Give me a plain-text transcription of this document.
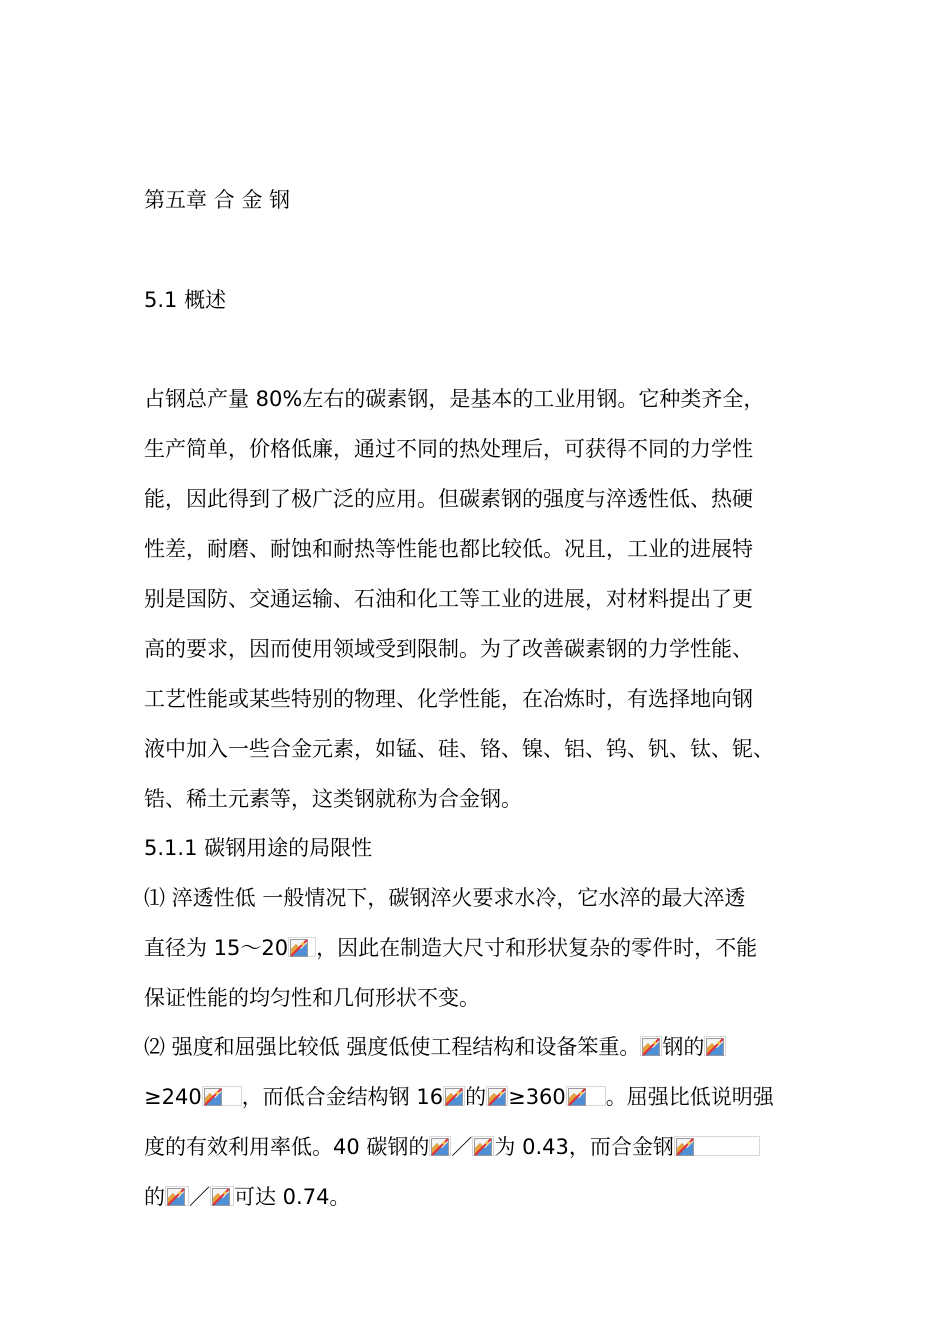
第五章 合 金 钢
5.1 概述
占钢总产量 80%左右的碳素钢，是基本的工业用钢。它种类齐全，
生产简单，价格低廉，通过不同的热处理后，可获得不同的力学性
能，因此得到了极广泛的应用。但碳素钢的强度与淬透性低、热硬
性差，耐磨、耐蚀和耐热等性能也都比较低。况且，工业的进展特
别是国防、交通运输、石油和化工等工业的进展，对材料提出了更
高的要求，因而使用领域受到限制。为了改善碳素钢的力学性能、
工艺性能或某些特别的物理、化学性能，在冶炼时，有选择地向钢
液中加入一些合金元素，如锰、硅、铬、镍、铝、钨、钒、钛、铌、
锆、稀土元素等，这类钢就称为合金钢。
5.1.1 碳钢用途的局限性
⑴ 淬透性低 一般情况下，碳钢淬火要求水冷，它水淬的最大淬透
直径为 15～20 ，因此在制造大尺寸和形状复杂的零件时，不能
保证性能的均匀性和几何形状不变。
⑵ 强度和屈强比较低 强度低使工程结构和设备笨重。 钢的
≥240 ，而低合金结构钢 16 的 ≥360 。屈强比低说明强
度的有效利用率低。40 碳钢的 ／ 为 0.43，而合金钢
的 ／ 可达 0.74。
